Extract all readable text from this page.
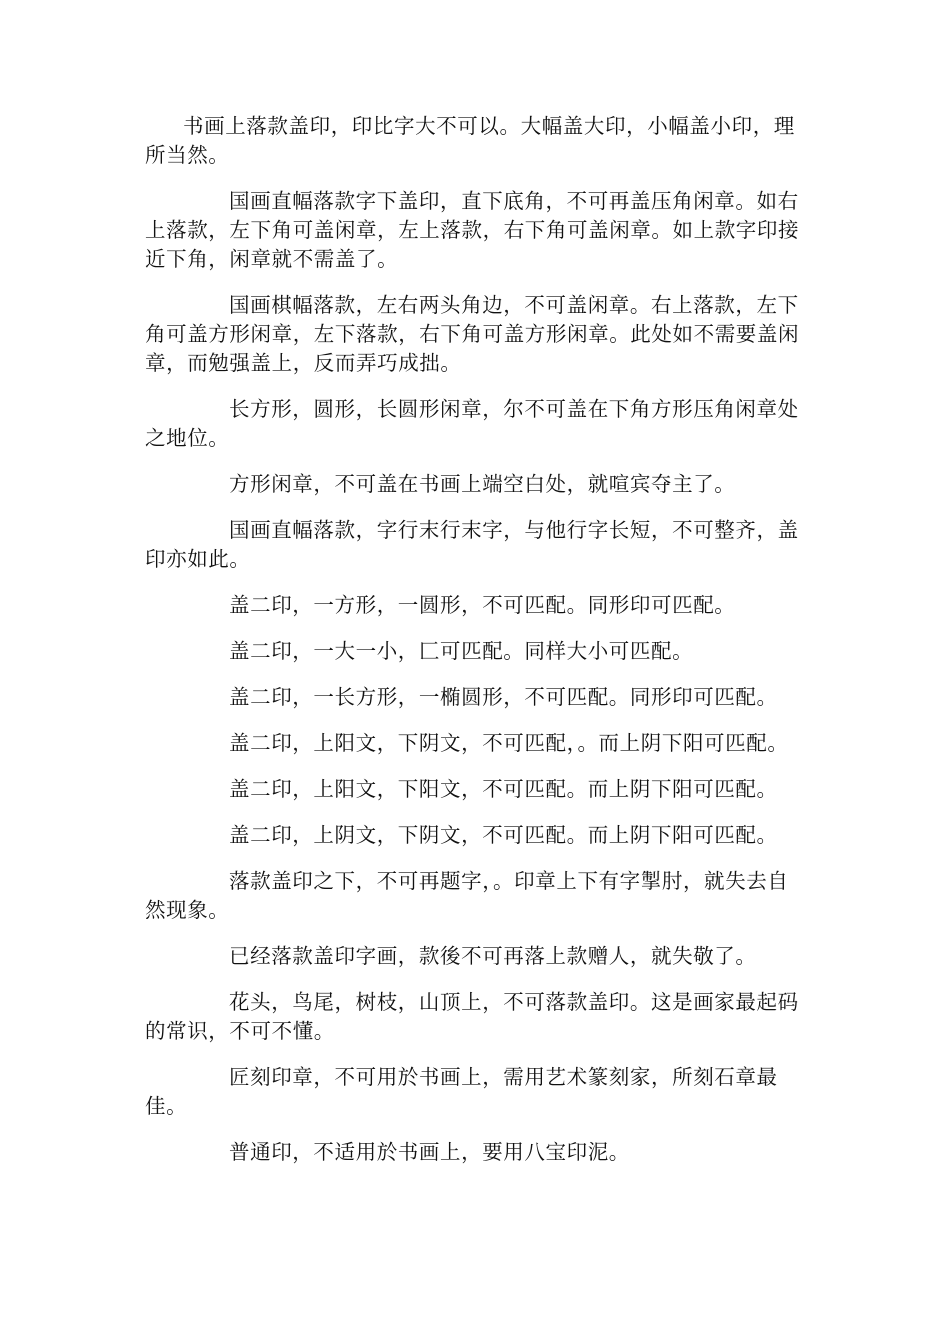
书画上落款盖印，印比字大不可以。大幅盖大印，小幅盖小印，理所当然。

国画直幅落款字下盖印，直下底角，不可再盖压角闲章。如右上落款，左下角可盖闲章，左上落款，右下角可盖闲章。如上款字印接近下角，闲章就不需盖了。

国画棋幅落款，左右两头角边，不可盖闲章。右上落款，左下角可盖方形闲章，左下落款，右下角可盖方形闲章。此处如不需要盖闲章，而勉强盖上，反而弄巧成拙。

长方形，圆形，长圆形闲章，尔不可盖在下角方形压角闲章处之地位。

方形闲章，不可盖在书画上端空白处，就喧宾夺主了。

国画直幅落款，字行末行末字，与他行字长短，不可整齐，盖印亦如此。

盖二印，一方形，一圆形，不可匹配。同形印可匹配。

盖二印，一大一小，匚可匹配。同样大小可匹配。

盖二印，一长方形，一椭圆形，不可匹配。同形印可匹配。

盖二印，上阳文，下阴文，不可匹配，。而上阴下阳可匹配。

盖二印，上阳文，下阳文，不可匹配。而上阴下阳可匹配。

盖二印，上阴文，下阴文，不可匹配。而上阴下阳可匹配。

落款盖印之下，不可再题字，。印章上下有字掣肘，就失去自然现象。

已经落款盖印字画，款後不可再落上款赠人，就失敬了。

花头，鸟尾，树枝，山顶上，不可落款盖印。这是画家最起码的常识，不可不懂。

匠刻印章，不可用於书画上，需用艺术篆刻家，所刻石章最佳。

普通印，不适用於书画上，要用八宝印泥。
